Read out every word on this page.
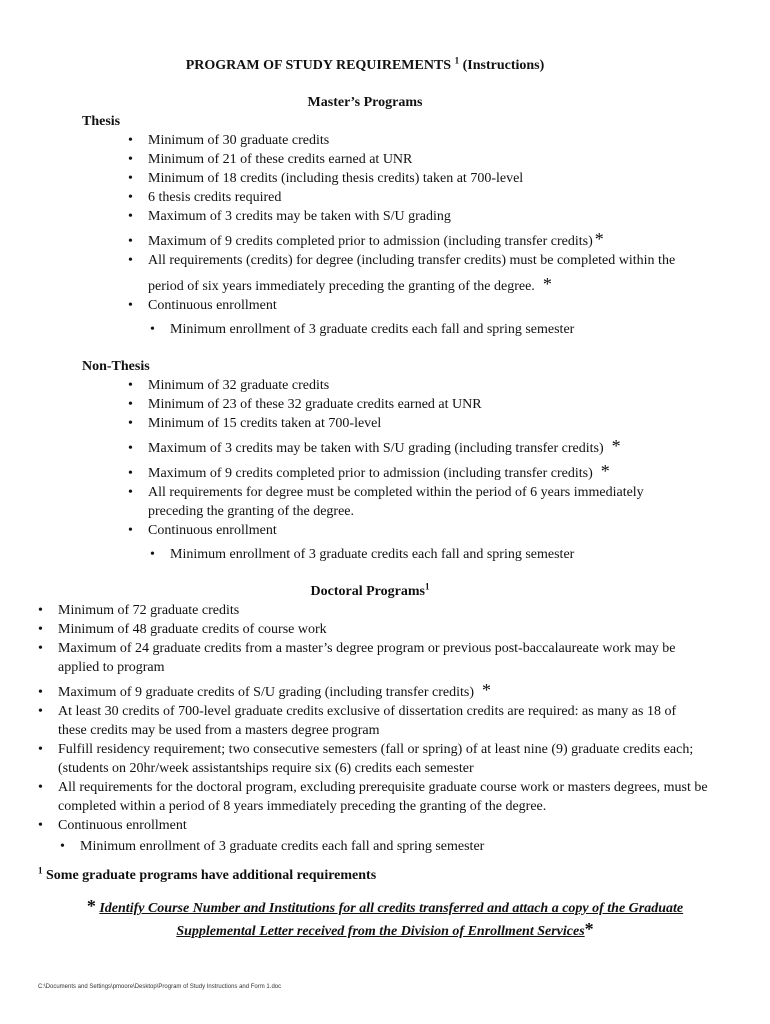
PROGRAM OF STUDY REQUIREMENTS $^1$ (Instructions)
Master’s Programs
Thesis
• Minimum of 30 graduate credits
• Minimum of 21 of these credits earned at UNR
• Minimum of 18 credits (including thesis credits) taken at 700-level
• 6 thesis credits required
• Maximum of 3 credits may be taken with S/U grading
• Maximum of 9 credits completed prior to admission (including transfer credits) *
• All requirements (credits) for degree (including transfer credits) must be completed within the
period of six years immediately preceding the granting of the degree. *
• Continuous enrollment
• Minimum enrollment of 3 graduate credits each fall and spring semester
Non-Thesis
• Minimum of 32 graduate credits
• Minimum of 23 of these 32 graduate credits earned at UNR
• Minimum of 15 credits taken at 700-level
• Maximum of 3 credits may be taken with S/U grading (including transfer credits) *
• Maximum of 9 credits completed prior to admission (including transfer credits) *
• All requirements for degree must be completed within the period of 6 years immediately
preceding the granting of the degree.
• Continuous enrollment
• Minimum enrollment of 3 graduate credits each fall and spring semester
Doctoral Programs$^1$
• Minimum of 72 graduate credits
• Minimum of 48 graduate credits of course work
• Maximum of 24 graduate credits from a master’s degree program or previous post-baccalaureate work may be
applied to program
• Maximum of 9 graduate credits of S/U grading (including transfer credits) *
• At least 30 credits of 700-level graduate credits exclusive of dissertation credits are required: as many as 18 of
these credits may be used from a masters degree program
• Fulfill residency requirement; two consecutive semesters (fall or spring) of at least nine (9) graduate credits each;
(students on 20hr/week assistantships require six (6) credits each semester
• All requirements for the doctoral program, excluding prerequisite graduate course work or masters degrees, must be
completed within a period of 8 years immediately preceding the granting of the degree.
• Continuous enrollment
• Minimum enrollment of 3 graduate credits each fall and spring semester
$^1$ Some graduate programs have additional requirements
* Identify Course Number and Institutions for all credits transferred and attach a copy of the Graduate
Supplemental Letter received from the Division of Enrollment Services*
C:\Documents and Settings\pmoore\Desktop\Program of Study Instructions and Form 1.doc
